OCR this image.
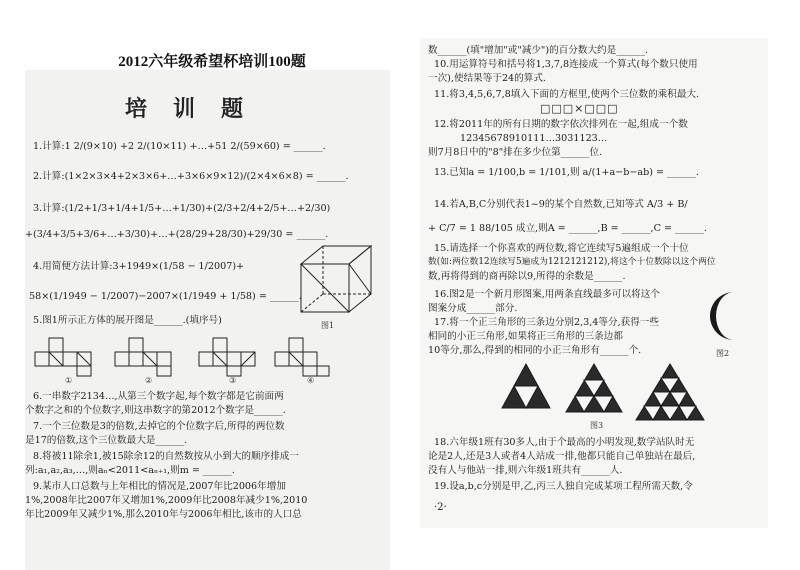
2012六年级希望杯培训100题
培训题
1.计算:1 2/(9×10) +2 2/(10×11) +…+51 2/(59×60) = ______.
2.计算:(1×2×3×4+2×3×6+…+3×6×9×12)/(2×4×6×8) = ______.
3.计算:(1/2+1/3+1/4+1/5+…+1/30)+(2/3+2/4+2/5+…+2/30)
+(3/4+3/5+3/6+…+3/30)+…+(28/29+28/30)+29/30 = ______.
4.用简便方法计算:3+1949×(1/58 − 1/2007)+
58×(1/1949 − 1/2007)−2007×(1/1949 + 1/58) = ______.
图1
5.图1所示正方体的展开图是______.(填序号)
①	②	③	④
6.一串数字2134…,从第三个数字起,每个数字都是它前面两
个数字之和的个位数字,则这串数字的第2012个数字是______.
7.一个三位数是3的倍数,去掉它的个位数字后,所得的两位数
是17的倍数,这个三位数最大是______.
8.将被11除余1,被15除余12的自然数按从小到大的顺序排成一
列:a₁,a₂,a₃,…,则aₙ<2011<aₙ₊₁,则m = ______.
9.某市人口总数与上年相比的情况是,2007年比2006年增加
1%,2008年比2007年又增加1%,2009年比2008年减少1%,2010
年比2009年又减少1%,那么2010年与2006年相比,该市的人口总
数______(填"增加"或"减少")的百分数大约是______.
10.用运算符号和括号将1,3,7,8连接成一个算式(每个数只使用
一次),使结果等于24的算式.
11.将3,4,5,6,7,8填入下面的方框里,使两个三位数的乘积最大.
□□□×□□□
12.将2011年的所有日期的数字依次排列在一起,组成一个数
12345678910111…3031123…
则7月8日中的"8"排在多少位第______位.
13.已知a = 1/100,b = 1/101,则 a/(1+a−b−ab) = ______.
14.若A,B,C分别代表1~9的某个自然数,已知等式 A/3 + B/
+ C/7 = 1 88/105 成立,则A = ______,B = ______,C = ______.
15.请选择一个你喜欢的两位数,将它连续写5遍组成一个十位
数(如:两位数12连续写5遍成为1212121212),将这个十位数除以这个两位
数,再将得到的商再除以9,所得的余数是______.
16.图2是一个新月形图案,用两条直线最多可以将这个
图案分成______部分.
图2
17.将一个正三角形的三条边分别2,3,4等分,获得一些
相同的小正三角形,如果将正三角形的三条边都
10等分,那么,得到的相同的小正三角形有______个.
图3
18.六年级1班有30多人,由于个最高的小明发现,数学站队时无
论是2人,还是3人或者4人站成一排,他都只能自己单独站在最后,
没有人与他站一排,则六年级1班共有______人.
19.设a,b,c分别是甲,乙,丙三人独自完成某项工程所需天数,令
·2·
